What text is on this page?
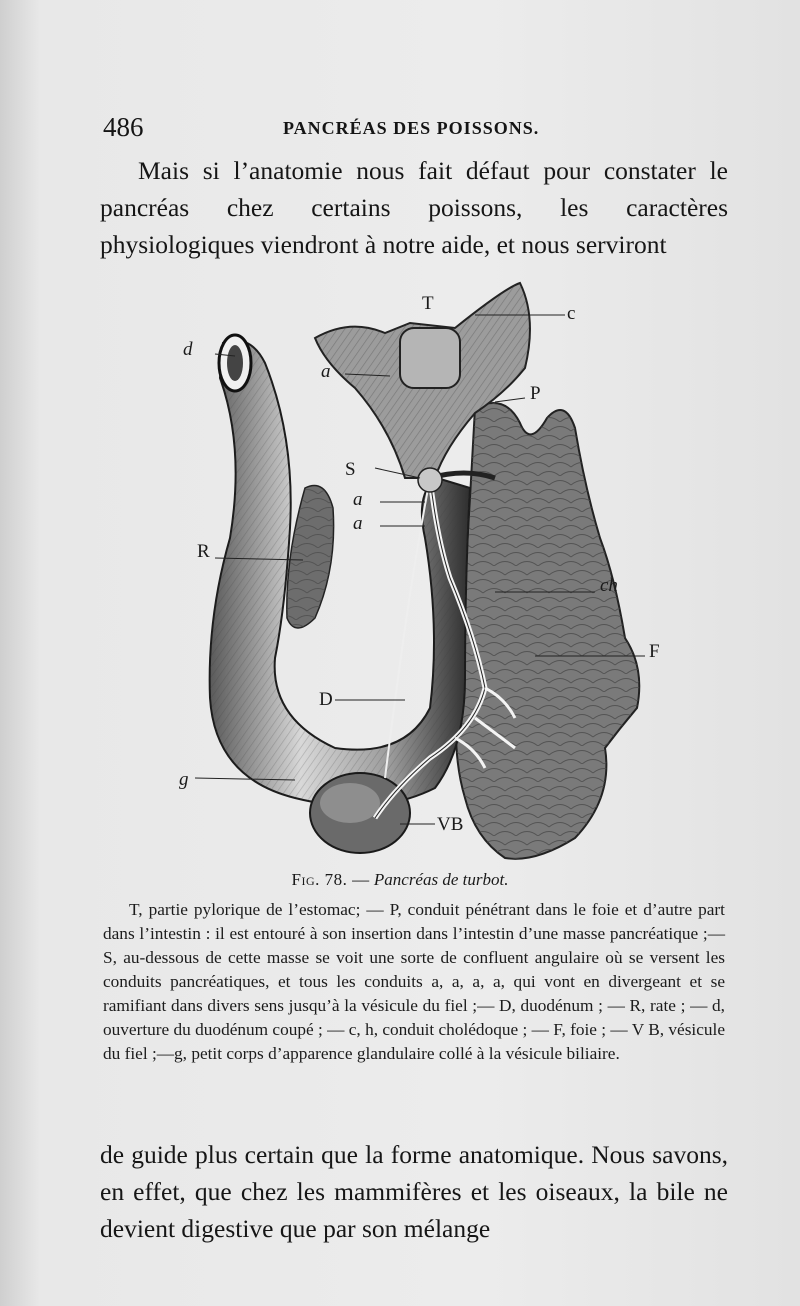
486	PANCRÉAS DES POISSONS.

Mais si l’anatomie nous fait défaut pour constater le pancréas chez certains poissons, les caractères physiologiques viendront à notre aide, et nous serviront

T	c
d
a
P
S
a
a
R
ch
F
D
g
VB
Fig. 78. — Pancréas de turbot.
T, partie pylorique de l’estomac; — P, conduit pénétrant dans le foie et d’autre part dans l’intestin : il est entouré à son insertion dans l’intestin d’une masse pancréatique ;—S, au-dessous de cette masse se voit une sorte de confluent angulaire où se versent les conduits pancréatiques, et tous les conduits a, a, a, a, qui vont en divergeant et se ramifiant dans divers sens jusqu’à la vésicule du fiel ;— D, duodénum ; — R, rate ; — d, ouverture du duodénum coupé ; — c, h, conduit cholédoque ; — F, foie ; — V B, vésicule du fiel ;—g, petit corps d’apparence glandulaire collé à la vésicule biliaire.

de guide plus certain que la forme anatomique. Nous savons, en effet, que chez les mammifères et les oiseaux, la bile ne devient digestive que par son mélange
